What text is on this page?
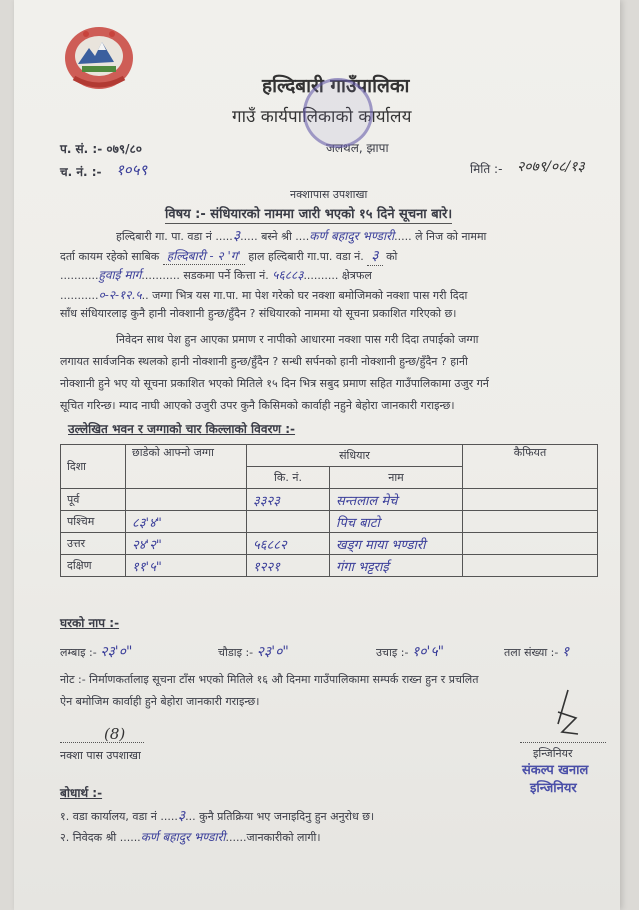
हल्दिबारी गाउँपालिका
गाउँ कार्यपालिकाको कार्यालय
जलथल, झापा
प. सं. :- ०७९/८०
च. नं. :- १०५९	मिति :- २०७९/०८/१३
नक्शापास उपशाखा
विषय :- संधियारको नाममा जारी भएको १५ दिने सूचना बारे।
हल्दिबारी गा. पा. वडा नं .....३..... बस्ने श्री ....कर्ण बहादुर भण्डारी..... ले निज को नाममा
दर्ता कायम रहेको साबिक हल्दिबारी - २ 'ग' हाल हल्दिबारी गा.पा. वडा नं. ३ को
...........हुवाई मार्ग........... सडकमा पर्ने कित्ता नं. ५६८८३.......... क्षेत्रफल
...........०-२-१२.५.. जग्गा भित्र यस गा.पा. मा पेश गरेको घर नक्शा बमोजिमको नक्शा पास गरी दिदा
साँध संधियारलाइ कुनै हानी नोक्शानी हुन्छ/हुँदैन ? संधियारको नाममा यो सूचना प्रकाशित गरिएको छ।
निवेदन साथ पेश हुन आएका प्रमाण र नापीको आधारमा नक्शा पास गरी दिदा तपाईको जग्गा
लगायत सार्वजनिक स्थलको हानी नोक्शानी हुन्छ/हुँदैन ? सन्धी सर्पनको हानी नोक्शानी हुन्छ/हुँदैन ? हानी
नोक्शानी हुने भए यो सूचना प्रकाशित भएको मितिले १५ दिन भित्र सबुद प्रमाण सहित गाउँपालिकामा उजुर गर्न
सूचित गरिन्छ। म्याद नाघी आएको उजुरी उपर कुनै किसिमको कार्वाही नहुने बेहोरा जानकारी गराइन्छ।
उल्लेखित भवन र जग्गाको चार किल्लाको विवरण :-
दिशा	छाडेको आफ्नो जग्गा	संधियार		कैफियत
		कि. नं.	नाम	
पूर्व		३३२३	सन्तलाल मेचे	
पश्चिम	८३'४"		पिच बाटो	
उत्तर	२४'२"	५६८८२	खड्ग माया भण्डारी	
दक्षिण	११'५"	१२२१	गंगा भट्टराई	
घरको नाप :-
लम्बाइ :- २३'०"	चौडाइ :- २३'०"	उचाइ :- १०'५"	तला संख्या :- १
नोट :- निर्माणकर्तालाइ सूचना टाँस भएको मितिले १६ औ दिनमा गाउँपालिकामा सम्पर्क राख्न हुन र प्रचलित
ऐन बमोजिम कार्वाही हुने बेहोरा जानकारी गराइन्छ।
(8)
नक्शा पास उपशाखा	इन्जिनियर
संकल्प खनाल
इन्जिनियर
बोधार्थ :-
१. वडा कार्यालय, वडा नं .....३... कुनै प्रतिक्रिया भए जनाइदिनु हुन अनुरोध छ।
२. निवेदक श्री ......कर्ण बहादुर भण्डारी......जानकारीको लागी।
